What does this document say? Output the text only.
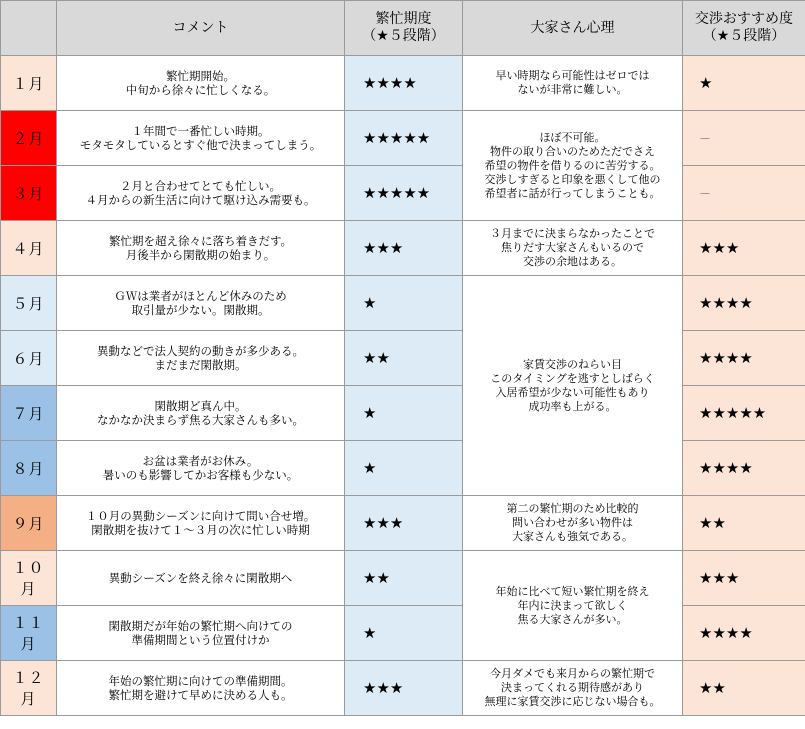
	コメント	繁忙期度
（★５段階）	大家さん心理	交渉おすすめ度
（★５段階）

１月	繁忙期開始。
中旬から徐々に忙しくなる。	★★★★	早い時期なら可能性はゼロでは
ないが非常に難しい。	★
２月	１年間で一番忙しい時期。
モタモタしているとすぐ他で決まってしまう。	★★★★★	ほぼ不可能。
物件の取り合いのためただでさえ
希望の物件を借りるのに苦労する。
交渉しすぎると印象を悪くして他の
希望者に話が行ってしまうことも。	－
３月	２月と合わせてとても忙しい。
４月からの新生活に向けて駆け込み需要も。	★★★★★		－
４月	繁忙期を超え徐々に落ち着きだす。
月後半から閑散期の始まり。	★★★	３月までに決まらなかったことで
焦りだす大家さんもいるので
交渉の余地はある。	★★★
５月	ＧＷは業者がほとんど休みのため
取引量が少ない。閑散期。	★	家賃交渉のねらい目
このタイミングを逃すとしばらく
入居希望が少ない可能性もあり
成功率も上がる。	★★★★
６月	異動などで法人契約の動きが多少ある。
まだまだ閑散期。	★★		★★★★
７月	閑散期ど真ん中。
なかなか決まらず焦る大家さんも多い。	★		★★★★★
８月	お盆は業者がお休み。
暑いのも影響してかお客様も少ない。	★		★★★★
９月	１０月の異動シーズンに向けて問い合せ増。
閑散期を抜けて１～３月の次に忙しい時期	★★★	第二の繁忙期のため比較的
問い合わせが多い物件は
大家さんも強気である。	★★
１０月	異動シーズンを終え徐々に閑散期へ	★★	年始に比べて短い繁忙期を終え
年内に決まって欲しく
焦る大家さんが多い。	★★★
１１月	閑散期だが年始の繁忙期へ向けての
準備期間という位置付けか	★		★★★★
１２月	年始の繁忙期に向けての準備期間。
繁忙期を避けて早めに決める人も。	★★★	今月ダメでも来月からの繁忙期で
決まってくれる期待感があり
無理に家賃交渉に応じない場合も。	★★
